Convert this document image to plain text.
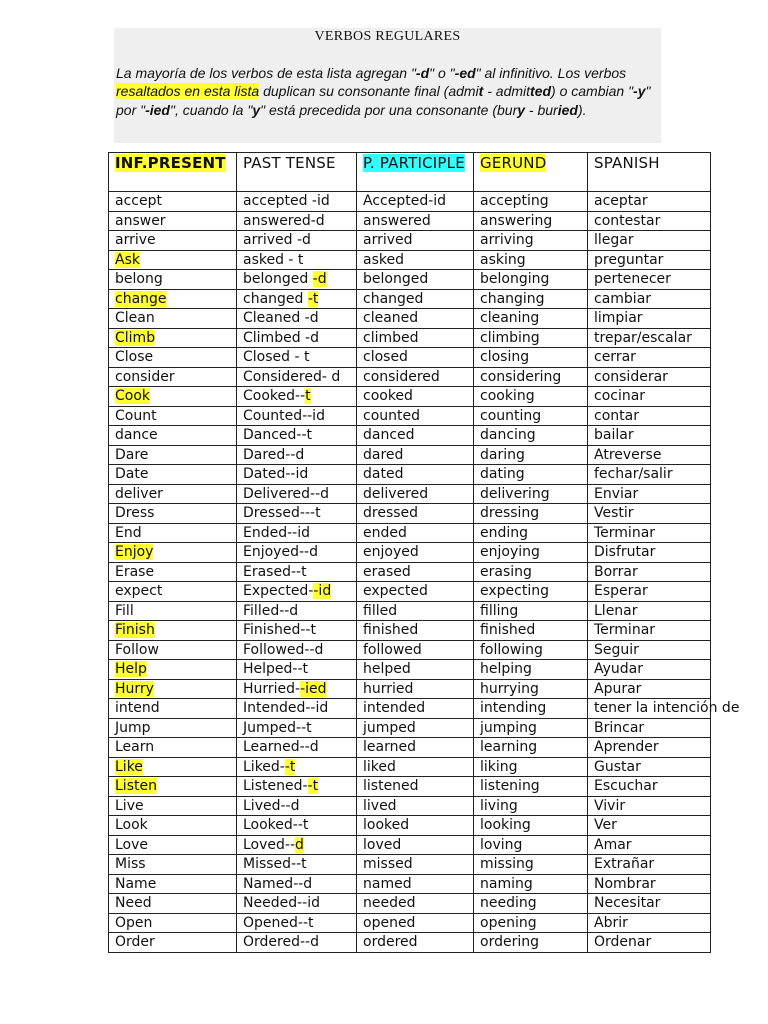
VERBOS REGULARES
La mayoría de los verbos de esta lista agregan "-d" o "-ed" al infinitivo. Los verbos resaltados en esta lista duplican su consonante final (admit - admitted) o cambian "-y" por "-ied", cuando la "y" está precedida por una consonante (bury - buried).
INF.PRESENT	PAST TENSE	P. PARTICIPLE	GERUND	SPANISH
accept	accepted -id	Accepted-id	accepting	aceptar
answer	answered-d	answered	answering	contestar
arrive	arrived -d	arrived	arriving	llegar
Ask	asked - t	asked	asking	preguntar
belong	belonged -d	belonged	belonging	pertenecer
change	changed -t	changed	changing	cambiar
Clean	Cleaned -d	cleaned	cleaning	limpiar
Climb	Climbed -d	climbed	climbing	trepar/escalar
Close	Closed - t	closed	closing	cerrar
consider	Considered- d	considered	considering	considerar
Cook	Cooked--t	cooked	cooking	cocinar
Count	Counted--id	counted	counting	contar
dance	Danced--t	danced	dancing	bailar
Dare	Dared--d	dared	daring	Atreverse
Date	Dated--id	dated	dating	fechar/salir
deliver	Delivered--d	delivered	delivering	Enviar
Dress	Dressed---t	dressed	dressing	Vestir
End	Ended--id	ended	ending	Terminar
Enjoy	Enjoyed--d	enjoyed	enjoying	Disfrutar
Erase	Erased--t	erased	erasing	Borrar
expect	Expected--id	expected	expecting	Esperar
Fill	Filled--d	filled	filling	Llenar
Finish	Finished--t	finished	finished	Terminar
Follow	Followed--d	followed	following	Seguir
Help	Helped--t	helped	helping	Ayudar
Hurry	Hurried--ied	hurried	hurrying	Apurar
intend	Intended--id	intended	intending	tener la intención de
Jump	Jumped--t	jumped	jumping	Brincar
Learn	Learned--d	learned	learning	Aprender
Like	Liked--t	liked	liking	Gustar
Listen	Listened--t	listened	listening	Escuchar
Live	Lived--d	lived	living	Vivir
Look	Looked--t	looked	looking	Ver
Love	Loved--d	loved	loving	Amar
Miss	Missed--t	missed	missing	Extrañar
Name	Named--d	named	naming	Nombrar
Need	Needed--id	needed	needing	Necesitar
Open	Opened--t	opened	opening	Abrir
Order	Ordered--d	ordered	ordering	Ordenar
